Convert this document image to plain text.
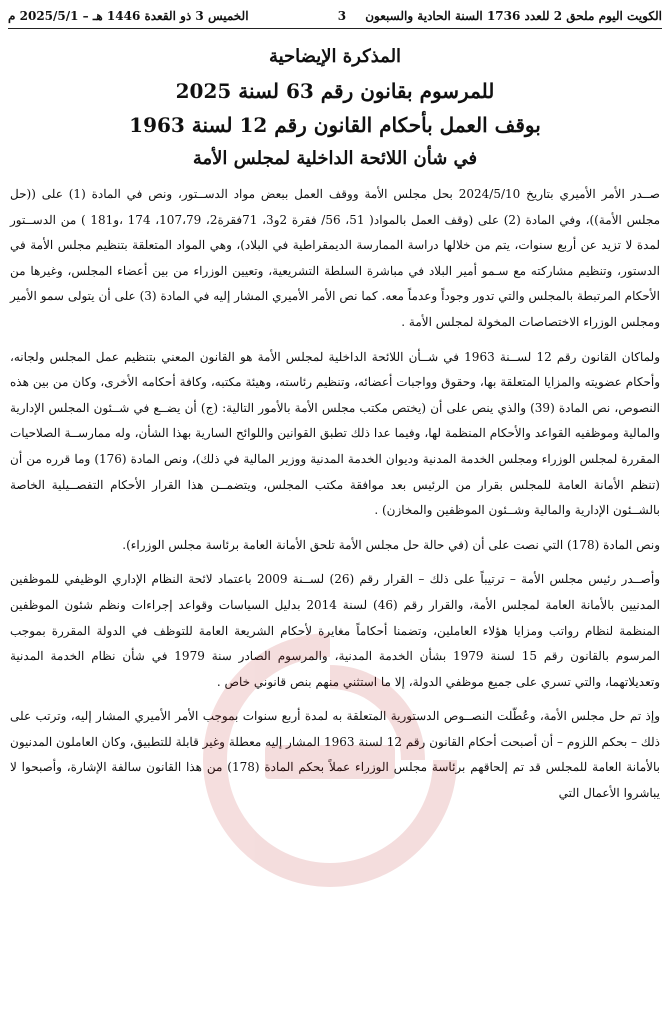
الكويت اليوم ملحق 2 للعدد 1736 السنة الحادية والسبعون
3
الخميس 3 ذو القعدة 1446 هـ – 2025/5/1 م
المذكرة الإيضاحية
للمرسوم بقانون رقم 63 لسنة 2025
بوقف العمل بأحكام القانون رقم 12 لسنة 1963
في شأن اللائحة الداخلية لمجلس الأمة

صــدر الأمر الأميري بتاريخ 2024/5/10 بحل مجلس الأمة ووقف العمل ببعض مواد الدســتور، ونص في المادة (1) على ((حل مجلس الأمة))، وفي المادة (2) على (وقف العمل بالمواد( 51، 56/ فقرة 2و3، 71فقرة2، 107،79، 174 ،و181 ) من الدســتور لمدة لا تزيد عن أربع سنوات، يتم من خلالها دراسة الممارسة الديمقراطية في البلاد)، وهي المواد المتعلقة بتنظيم مجلس الأمة في الدستور، وتنظيم مشاركته مع سـمو أمير البلاد في مباشرة السلطة التشريعية، وتعيين الوزراء من بين أعضاء المجلس، وغيرها من الأحكام المرتبطة بالمجلس والتي تدور وجوداً وعدماً معه. كما نص الأمر الأميري المشار إليه في المادة (3) على أن يتولى سمو الأمير ومجلس الوزراء الاختصاصات المخولة لمجلس الأمة .

ولماكان القانون رقم 12 لســنة 1963 في شــأن اللائحة الداخلية لمجلس الأمة هو القانون المعني بتنظيم عمل المجلس ولجانه، وأحكام عضويته والمزايا المتعلقة بها، وحقوق وواجبات أعضائه، وتنظيم رئاسته، وهيئة مكتبه، وكافة أحكامه الأخرى، وكان من بين هذه النصوص، نص المادة (39) والذي ينص على أن (يختص مكتب مجلس الأمة بالأمور التالية: (ج) أن يضــع في شــئون المجلس الإدارية والمالية وموظفيه القواعد والأحكام المنظمة لها، وفيما عدا ذلك تطبق القوانين واللوائح السارية بهذا الشأن، وله ممارســة الصلاحيات المقررة لمجلس الوزراء ومجلس الخدمة المدنية وديوان الخدمة المدنية ووزير المالية في ذلك)، ونص المادة (176) وما قرره من أن (تنظم الأمانة العامة للمجلس بقرار من الرئيس بعد موافقة مكتب المجلس، ويتضمــن هذا القرار الأحكام التفصــيلية الخاصة بالشــئون الإدارية والمالية وشــئون الموظفين والمخازن) .

ونص المادة (178) التي نصت على أن (في حالة حل مجلس الأمة تلحق الأمانة العامة برئاسة مجلس الوزراء).

وأصــدر رئيس مجلس الأمة – ترتيباً على ذلك – القرار رقم (26) لســنة 2009 باعتماد لائحة النظام الإداري الوظيفي للموظفين المدنيين بالأمانة العامة لمجلس الأمة، والقرار رقم (46) لسنة 2014 بدليل السياسات وقواعد إجراءات ونظم شئون الموظفين المنظمة لنظام رواتب ومزايا هؤلاء العاملين، وتضمنا أحكاماً مغايرة لأحكام الشريعة العامة للتوظف في الدولة المقررة بموجب المرسوم بالقانون رقم 15 لسنة 1979 بشأن الخدمة المدنية، والمرسوم الصادر سنة 1979 في شأن نظام الخدمة المدنية وتعديلاتهما، والتي تسري على جميع موظفي الدولة، إلا ما استثني منهم بنص قانوني خاص .

وإذ تم حل مجلس الأمة، وعُطّلت النصــوص الدستورية المتعلقة به لمدة أربع سنوات بموجب الأمر الأميري المشار إليه، وترتب على ذلك – بحكم اللزوم – أن أصبحت أحكام القانون رقم 12 لسنة 1963 المشار إليه معطلة وغير قابلة للتطبيق، وكان العاملون المدنيون بالأمانة العامة للمجلس قد تم إلحاقهم برئاسة مجلس الوزراء عملاً بحكم المادة (178) من هذا القانون سالفة الإشارة، وأصبحوا لا يباشروا الأعمال التي
